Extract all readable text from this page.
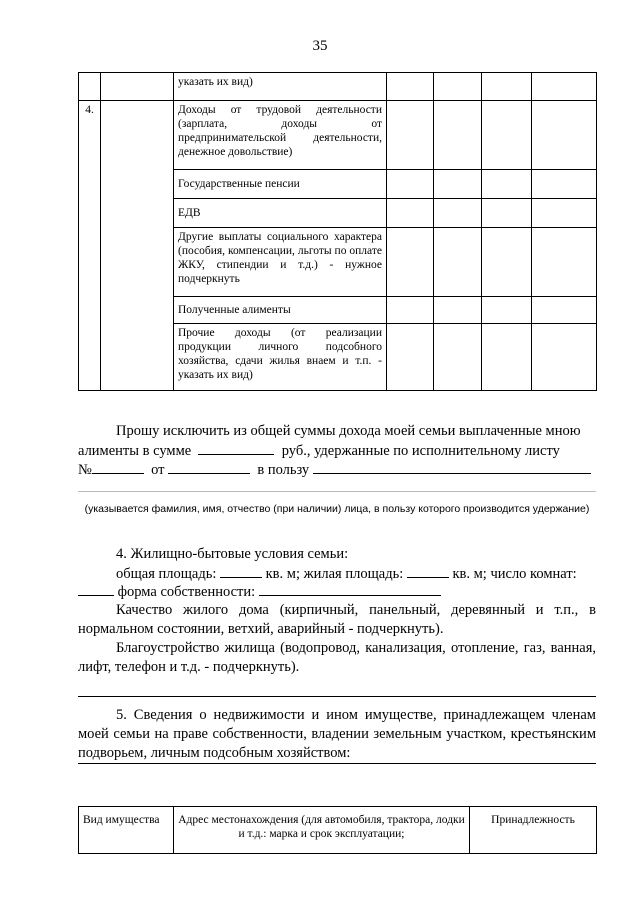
35
		указать их вид)				
4.		Доходы от трудовой деятельности (зарплата, доходы от предпринимательской деятельности, денежное довольствие)				
		Государственные пенсии				
		ЕДВ				
		Другие выплаты социального характера (пособия, компенсации, льготы по оплате ЖКУ, стипендии и т.д.) - нужное подчеркнуть				
		Полученные алименты				
		Прочие доходы (от реализации продукции личного подсобного хозяйства, сдачи жилья внаем и т.п. - указать их вид)				
Прошу исключить из общей суммы дохода моей семьи выплаченные мною
алименты в сумме	руб., удержанные по исполнительному листу
№	от	в пользу
(указывается фамилия, имя, отчество (при наличии) лица, в пользу которого производится удержание)
4. Жилищно-бытовые условия семьи:
общая площадь:	кв. м; жилая площадь:	кв. м; число комнат:
форма собственности:
Качество жилого дома (кирпичный, панельный, деревянный и т.п., в нормальном состоянии, ветхий, аварийный - подчеркнуть).
Благоустройство жилища (водопровод, канализация, отопление, газ, ванная, лифт, телефон и т.д. - подчеркнуть).
5. Сведения о недвижимости и ином имуществе, принадлежащем членам моей семьи на праве собственности, владении земельным участком, крестьянским подворьем, личным подсобным хозяйством:
Вид имущества	Адрес местонахождения (для автомобиля, трактора, лодки и т.д.: марка и срок эксплуатации;	Принадлежность
